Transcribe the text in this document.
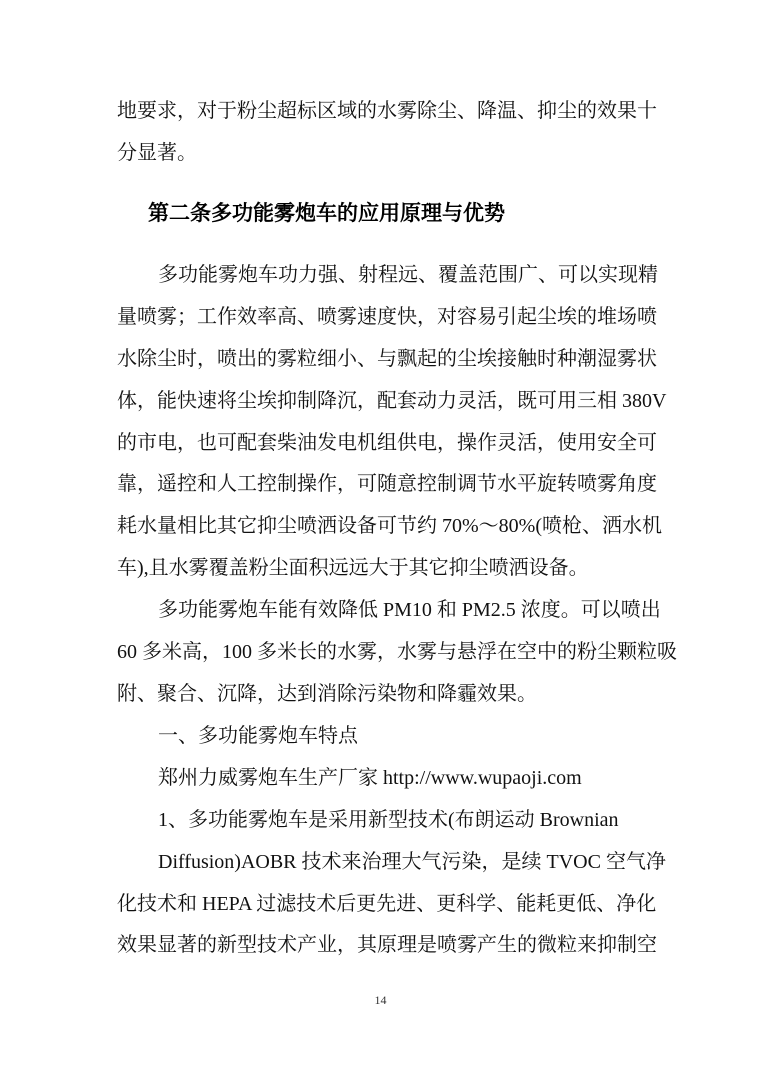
地要求，对于粉尘超标区域的水雾除尘、降温、抑尘的效果十
分显著。
第二条多功能雾炮车的应用原理与优势
多功能雾炮车功力强、射程远、覆盖范围广、可以实现精
量喷雾；工作效率高、喷雾速度快，对容易引起尘埃的堆场喷
水除尘时，喷出的雾粒细小、与飘起的尘埃接触时种潮湿雾状
体，能快速将尘埃抑制降沉，配套动力灵活，既可用三相 380V
的市电，也可配套柴油发电机组供电，操作灵活，使用安全可
靠，遥控和人工控制操作，可随意控制调节水平旋转喷雾角度
耗水量相比其它抑尘喷洒设备可节约 70%～80%(喷枪、洒水机
车),且水雾覆盖粉尘面积远远大于其它抑尘喷洒设备。
多功能雾炮车能有效降低 PM10 和 PM2.5 浓度。可以喷出
60 多米高，100 多米长的水雾，水雾与悬浮在空中的粉尘颗粒吸
附、聚合、沉降，达到消除污染物和降霾效果。
一、多功能雾炮车特点
郑州力威雾炮车生产厂家 http://www.wupaoji.com
1、多功能雾炮车是采用新型技术(布朗运动 Brownian
Diffusion)AOBR 技术来治理大气污染，是续 TVOC 空气净
化技术和 HEPA 过滤技术后更先进、更科学、能耗更低、净化
效果显著的新型技术产业，其原理是喷雾产生的微粒来抑制空
14
